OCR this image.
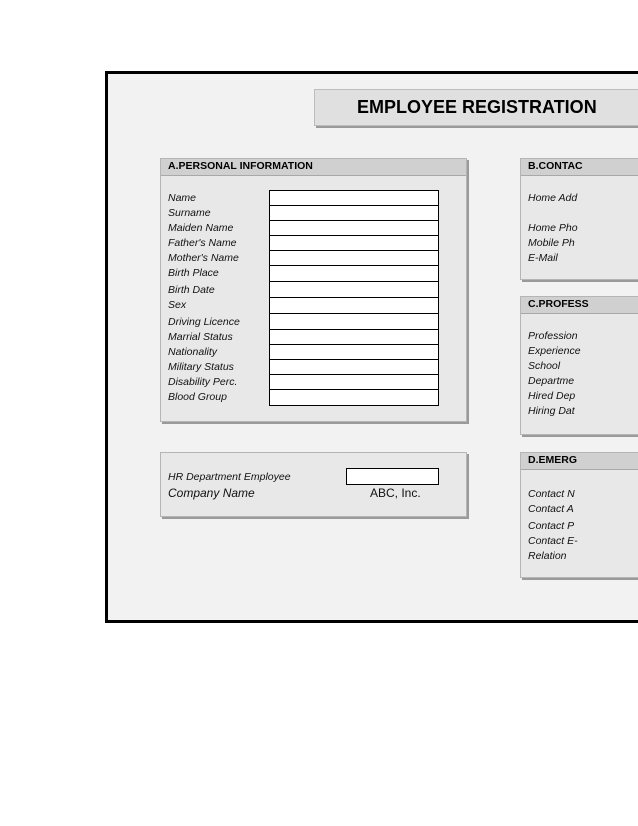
EMPLOYEE REGISTRATION
A.PERSONAL INFORMATION
Name
Surname
Maiden Name
Father's Name
Mother's Name
Birth Place
Birth Date
Sex
Driving Licence
Marrial Status
Nationality
Military Status
Disability Perc.
Blood Group
B.CONTAC
Home Add
Home Pho
Mobile Ph
E-Mail
C.PROFESS
Profession
Experience
School
Departme
Hired Dep
Hiring Dat
HR Department Employee
Company Name	ABC, Inc.
D.EMERG
Contact N
Contact A
Contact P
Contact E-
Relation
